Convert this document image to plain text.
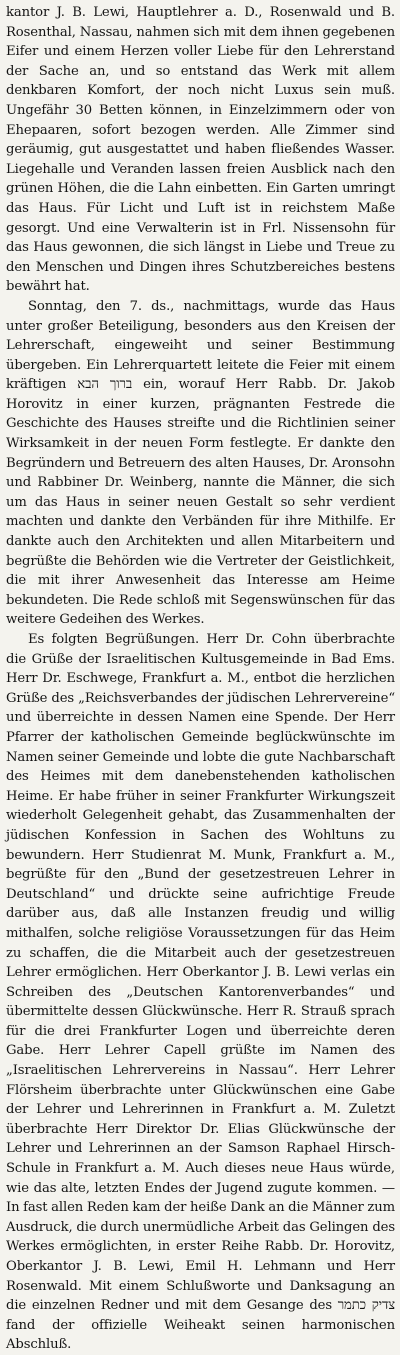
kantor J. B. Lewi, Hauptlehrer a. D., Rosenwald und B. Rosenthal, Nassau, nahmen sich mit dem ihnen gegebenen Eifer und einem Herzen voller Liebe für den Lehrerstand der Sache an, und so entstand das Werk mit allem denkbaren Komfort, der noch nicht Luxus sein muß. Ungefähr 30 Betten können, in Einzelzimmern oder von Ehepaaren, sofort bezogen werden. Alle Zimmer sind geräumig, gut ausgestattet und haben fließendes Wasser. Liegehalle und Veranden lassen freien Ausblick nach den grünen Höhen, die die Lahn einbetten. Ein Garten umringt das Haus. Für Licht und Luft ist in reichstem Maße gesorgt. Und eine Verwalterin ist in Frl. Nissensohn für das Haus gewonnen, die sich längst in Liebe und Treue zu den Menschen und Dingen ihres Schutzbereiches bestens bewährt hat.

Sonntag, den 7. ds., nachmittags, wurde das Haus unter großer Beteiligung, besonders aus den Kreisen der Lehrerschaft, eingeweiht und seiner Bestimmung übergeben. Ein Lehrerquartett leitete die Feier mit einem kräftigen ברוך הבא ein, worauf Herr Rabb. Dr. Jakob Horovitz in einer kurzen, prägnanten Festrede die Geschichte des Hauses streifte und die Richtlinien seiner Wirksamkeit in der neuen Form festlegte. Er dankte den Begründern und Betreuern des alten Hauses, Dr. Aronsohn und Rabbiner Dr. Weinberg, nannte die Männer, die sich um das Haus in seiner neuen Gestalt so sehr verdient machten und dankte den Verbänden für ihre Mithilfe. Er dankte auch den Architekten und allen Mitarbeitern und begrüßte die Behörden wie die Vertreter der Geistlichkeit, die mit ihrer Anwesenheit das Interesse am Heime bekundeten. Die Rede schloß mit Segenswünschen für das weitere Gedeihen des Werkes.

Es folgten Begrüßungen. Herr Dr. Cohn überbrachte die Grüße der Israelitischen Kultusgemeinde in Bad Ems. Herr Dr. Eschwege, Frankfurt a. M., entbot die herzlichen Grüße des „Reichsverbandes der jüdischen Lehrervereine“ und überreichte in dessen Namen eine Spende. Der Herr Pfarrer der katholischen Gemeinde beglückwünschte im Namen seiner Gemeinde und lobte die gute Nachbarschaft des Heimes mit dem danebenstehenden katholischen Heime. Er habe früher in seiner Frankfurter Wirkungszeit wiederholt Gelegenheit gehabt, das Zusammenhalten der jüdischen Konfession in Sachen des Wohltuns zu bewundern. Herr Studienrat M. Munk, Frankfurt a. M., begrüßte für den „Bund der gesetzestreuen Lehrer in Deutschland“ und drückte seine aufrichtige Freude darüber aus, daß alle Instanzen freudig und willig mithalfen, solche religiöse Voraussetzungen für das Heim zu schaffen, die die Mitarbeit auch der gesetzestreuen Lehrer ermöglichen. Herr Oberkantor J. B. Lewi verlas ein Schreiben des „Deutschen Kantorenverbandes“ und übermittelte dessen Glückwünsche. Herr R. Strauß sprach für die drei Frankfurter Logen und überreichte deren Gabe. Herr Lehrer Capell grüßte im Namen des „Israelitischen Lehrervereins in Nassau“. Herr Lehrer Flörsheim überbrachte unter Glückwünschen eine Gabe der Lehrer und Lehrerinnen in Frankfurt a. M. Zuletzt überbrachte Herr Direktor Dr. Elias Glückwünsche der Lehrer und Lehrerinnen an der Samson Raphael Hirsch-Schule in Frankfurt a. M. Auch dieses neue Haus würde, wie das alte, letzten Endes der Jugend zugute kommen. — In fast allen Reden kam der heiße Dank an die Männer zum Ausdruck, die durch unermüdliche Arbeit das Gelingen des Werkes ermöglichten, in erster Reihe Rabb. Dr. Horovitz, Oberkantor J. B. Lewi, Emil H. Lehmann und Herr Rosenwald. Mit einem Schlußworte und Danksagung an die einzelnen Redner und mit dem Gesange des צדיק כתמר fand der offizielle Weiheakt seinen harmonischen Abschluß.
